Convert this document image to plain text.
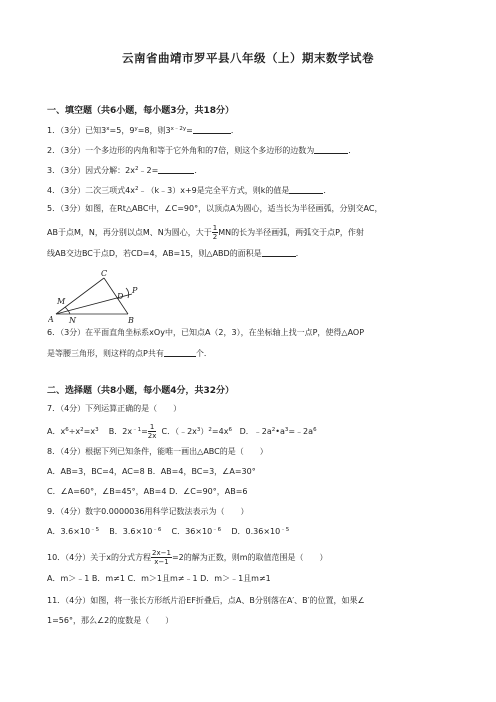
云南省曲靖市罗平县八年级（上）期末数学试卷
一、填空题（共6小题，每小题3分，共18分）
1．（3分）已知$3^x=5$，$9^y=8$，则$3^{x﹣2y}=$	．
2．（3分）一个多边形的内角和等于它外角和的7倍，则这个多边形的边数为	．
3．（3分）因式分解：$2x^2﹣2=$	．
4．（3分）二次三项式$4x^2﹣(k﹣3)x+9$是完全平方式，则k的值是	．
5．（3分）如图，在Rt△ABC中，∠C=90°，以顶点A为圆心，适当长为半径画弧，分别交AC，
AB于点M，N，再分别以点M、N为圆心，大于 $\frac{1}{2}$ MN的长为半径画弧，两弧交于点P，作射
线AB交边BC于点D，若CD=4，AB=15，则△ABD的面积是	．
C
D
P
M
A N	B
6．（3分）在平面直角坐标系xOy中，已知点A（2，3），在坐标轴上找一点P，使得△AOP
是等腰三角形，则这样的点P共有	个．
二、选择题（共8小题，每小题4分，共32分）
7．（4分）下列运算正确的是（　　）
A．$x^6\div x^2=x^3$ B．$2x^{﹣1}= \frac{1}{2x}$ C．$(﹣2x^3)^2=4x^6$ D．$﹣2a^2•a^3=﹣2a^6$
8．（4分）根据下列已知条件，能唯一画出△ABC的是（　　）
A．AB=3，BC=4，AC=8 B．AB=4，BC=3，∠A=30°
C．∠A=60°，∠B=45°，AB=4 D．∠C=90°，AB=6
9．（4分）数字0.0000036用科学记数法表示为（　　）
A．$3.6\times 10^{﹣5}$ B．$3.6\times 10^{﹣6}$ C．$36\times 10^{﹣6}$ D．$0.36\times 10^{﹣5}$
10．（4分）关于x的分式方程 $\frac{2x-1}{x-1} =2$的解为正数，则m的取值范围是（　　）
A．m＞﹣1 B．m≠1 C．m＞1且m≠﹣1 D．m＞﹣1且m≠1
11．（4分）如图，将一张长方形纸片沿EF折叠后，点A、B分别落在A′、B′的位置，如果∠
1=56°，那么∠2的度数是（　　）
